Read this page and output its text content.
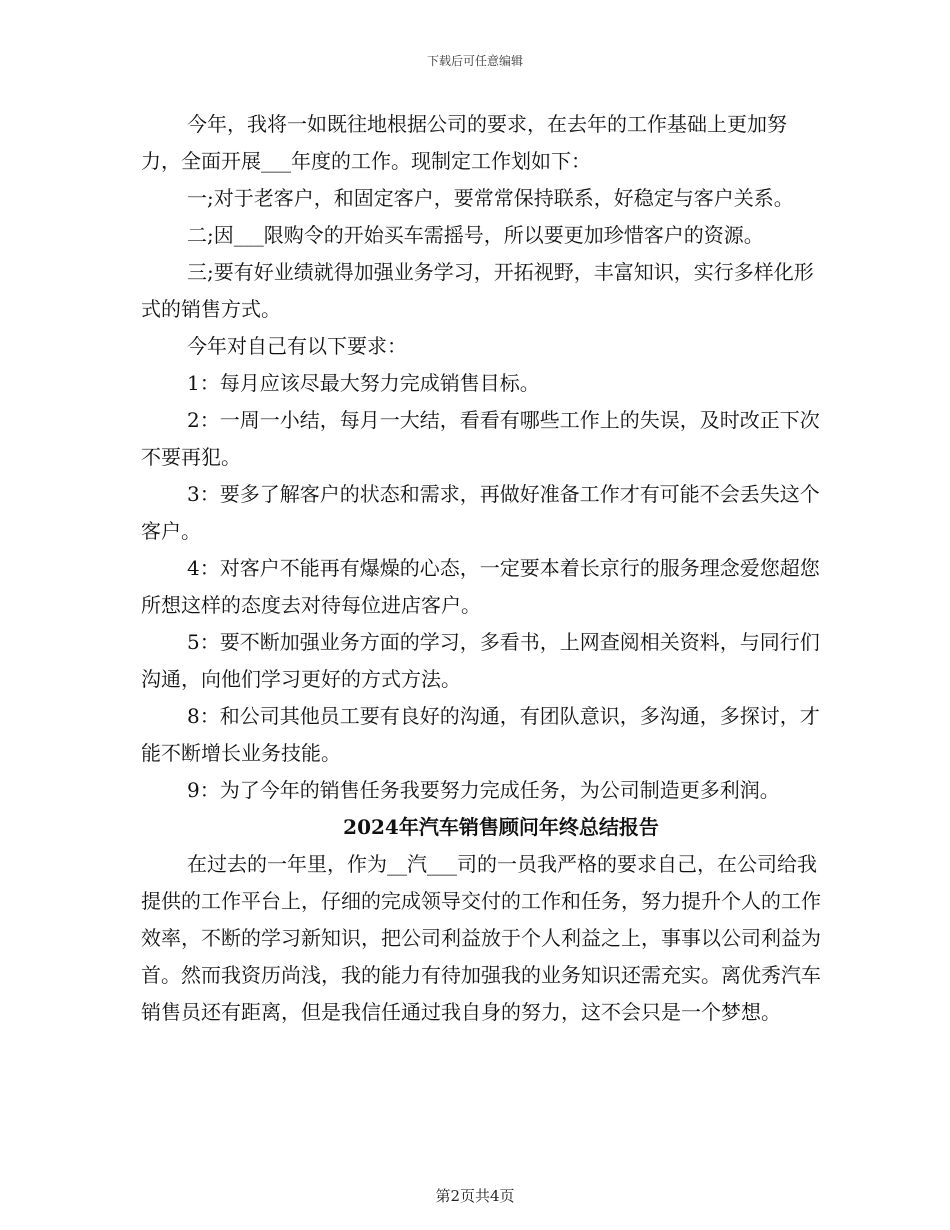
下载后可任意编辑

今年，我将一如既往地根据公司的要求，在去年的工作基础上更加努力，全面开展___年度的工作。现制定工作划如下：

一;对于老客户，和固定客户，要常常保持联系，好稳定与客户关系。

二;因___限购令的开始买车需摇号，所以要更加珍惜客户的资源。

三;要有好业绩就得加强业务学习，开拓视野，丰富知识，实行多样化形式的销售方式。

今年对自己有以下要求：

1：每月应该尽最大努力完成销售目标。

2：一周一小结，每月一大结，看看有哪些工作上的失误，及时改正下次不要再犯。

3：要多了解客户的状态和需求，再做好准备工作才有可能不会丢失这个客户。

4：对客户不能再有爆燥的心态，一定要本着长京行的服务理念爱您超您所想这样的态度去对待每位进店客户。

5：要不断加强业务方面的学习，多看书，上网查阅相关资料，与同行们沟通，向他们学习更好的方式方法。

8：和公司其他员工要有良好的沟通，有团队意识，多沟通，多探讨，才能不断增长业务技能。

9：为了今年的销售任务我要努力完成任务，为公司制造更多利润。

2024年汽车销售顾问年终总结报告

在过去的一年里，作为__汽___司的一员我严格的要求自己，在公司给我提供的工作平台上，仔细的完成领导交付的工作和任务，努力提升个人的工作效率，不断的学习新知识，把公司利益放于个人利益之上，事事以公司利益为首。然而我资历尚浅，我的能力有待加强我的业务知识还需充实。离优秀汽车销售员还有距离，但是我信任通过我自身的努力，这不会只是一个梦想。

第2页共4页
